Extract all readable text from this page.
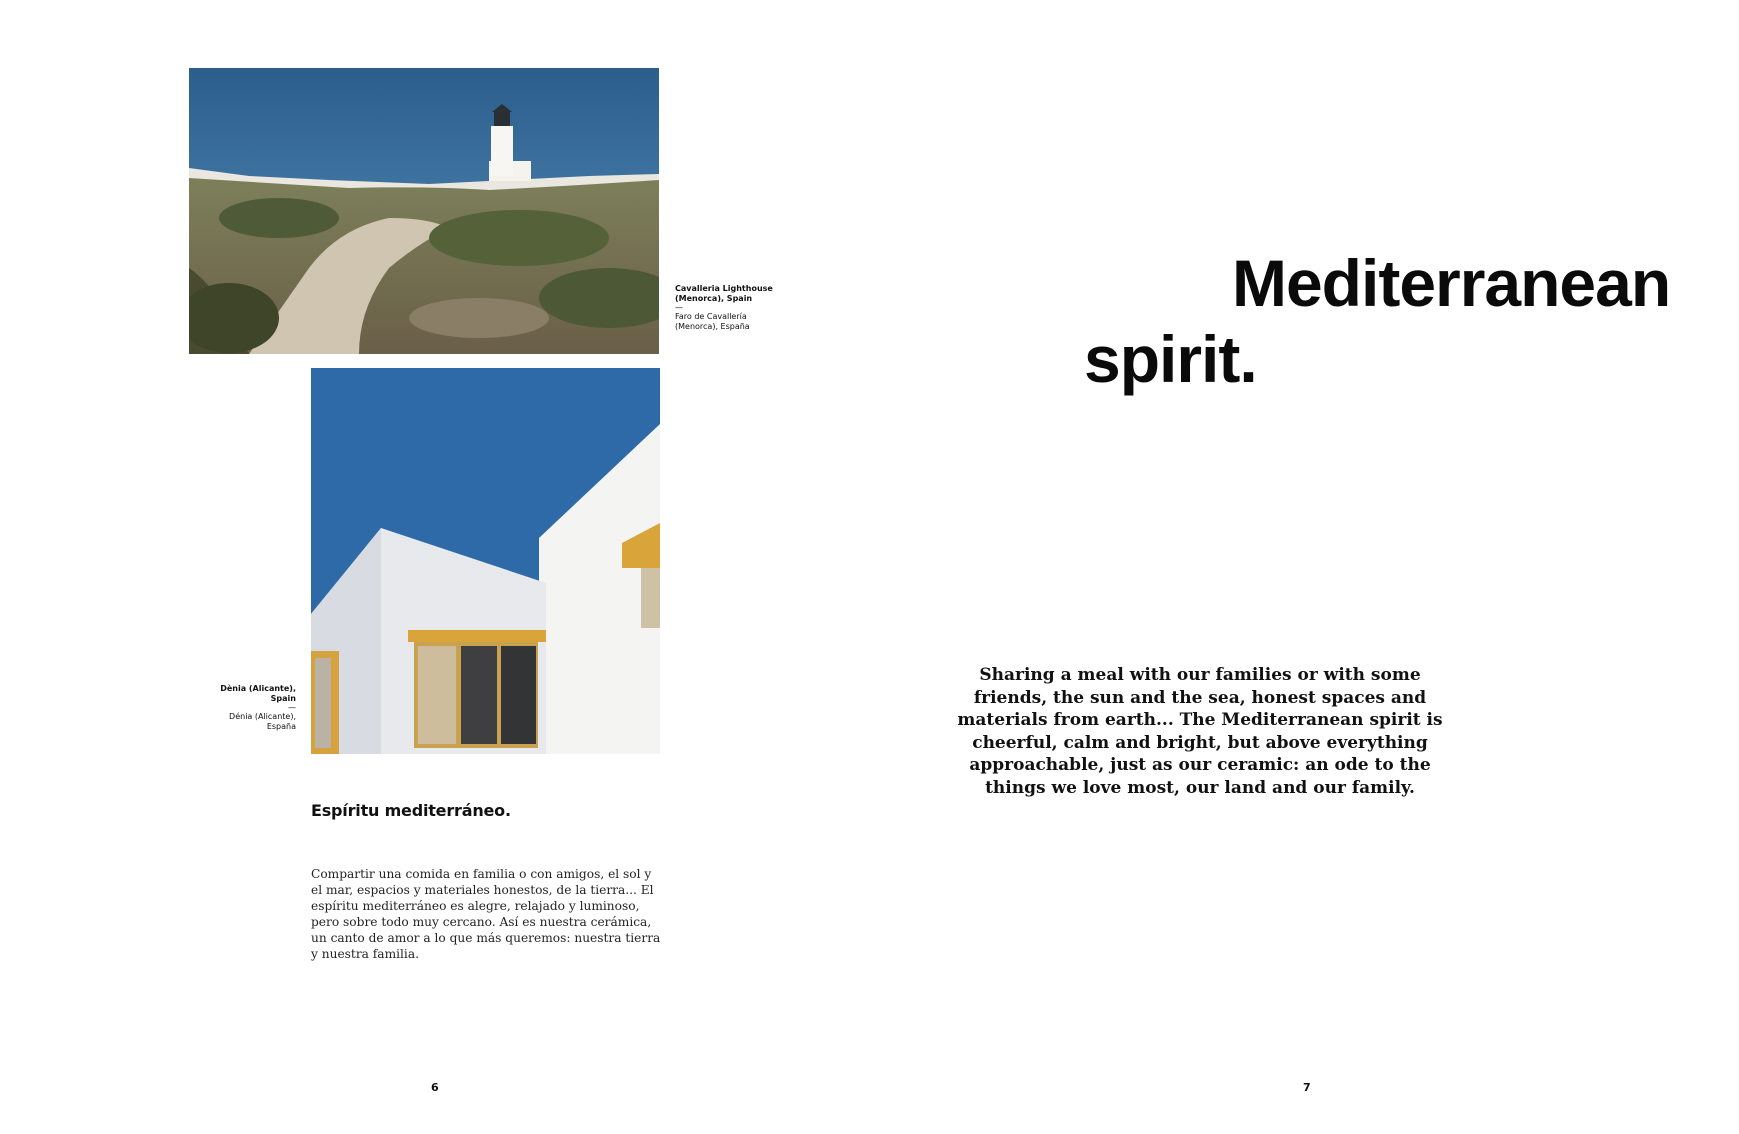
Cavalleria Lighthouse (Menorca), Spain
—
Faro de Cavallería (Menorca), España
Dènia (Alicante), Spain
—
Dénia (Alicante), España
Espíritu mediterráneo.
Compartir una comida en familia o con amigos, el sol y el mar, espacios y materiales honestos, de la tierra... El espíritu mediterráneo es alegre, relajado y luminoso, pero sobre todo muy cercano. Así es nuestra cerámica, un canto de amor a lo que más queremos: nuestra tierra y nuestra familia.
6
Mediterranean
spirit.
Sharing a meal with our families or with some friends, the sun and the sea, honest spaces and materials from earth... The Mediterranean spirit is cheerful, calm and bright, but above everything approachable, just as our ceramic: an ode to the things we love most, our land and our family.
7
